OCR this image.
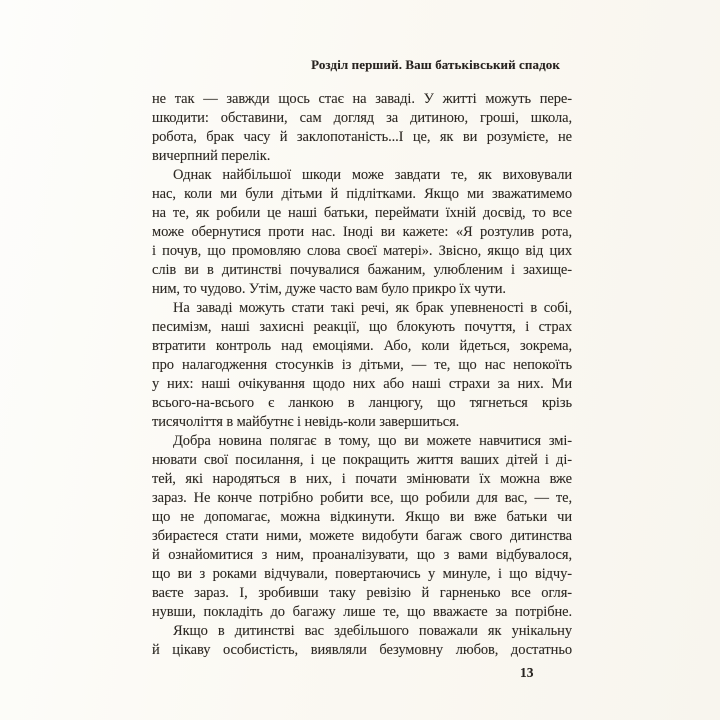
Розділ перший. Ваш батьківський спадок
не так — завжди щось стає на заваді. У житті можуть пере-
шкодити: обставини, сам догляд за дитиною, гроші, школа,
робота, брак часу й заклопотаність...І це, як ви розумієте, не
вичерпний перелік.
Однак найбільшої шкоди може завдати те, як виховували
нас, коли ми були дітьми й підлітками. Якщо ми зважатимемо
на те, як робили це наші батьки, переймати їхній досвід, то все
може обернутися проти нас. Іноді ви кажете: «Я розтулив рота,
і почув, що промовляю слова своєї матері». Звісно, якщо від цих
слів ви в дитинстві почувалися бажаним, улюбленим і захище-
ним, то чудово. Утім, дуже часто вам було прикро їх чути.
На заваді можуть стати такі речі, як брак упевненості в собі,
песимізм, наші захисні реакції, що блокують почуття, і страх
втратити контроль над емоціями. Або, коли йдеться, зокрема,
про налагодження стосунків із дітьми, — те, що нас непокоїть
у них: наші очікування щодо них або наші страхи за них. Ми
всього-на-всього є ланкою в ланцюгу, що тягнеться крізь
тисячоліття в майбутнє і невідь-коли завершиться.
Добра новина полягає в тому, що ви можете навчитися змі-
нювати свої посилання, і це покращить життя ваших дітей і ді-
тей, які народяться в них, і почати змінювати їх можна вже
зараз. Не конче потрібно робити все, що робили для вас, — те,
що не допомагає, можна відкинути. Якщо ви вже батьки чи
збираєтеся стати ними, можете видобути багаж свого дитинства
й ознайомитися з ним, проаналізувати, що з вами відбувалося,
що ви з роками відчували, повертаючись у минуле, і що відчу-
ваєте зараз. І, зробивши таку ревізію й гарненько все огля-
нувши, покладіть до багажу лише те, що вважаєте за потрібне.
Якщо в дитинстві вас здебільшого поважали як унікальну
й цікаву особистість, виявляли безумовну любов, достатньо
13
